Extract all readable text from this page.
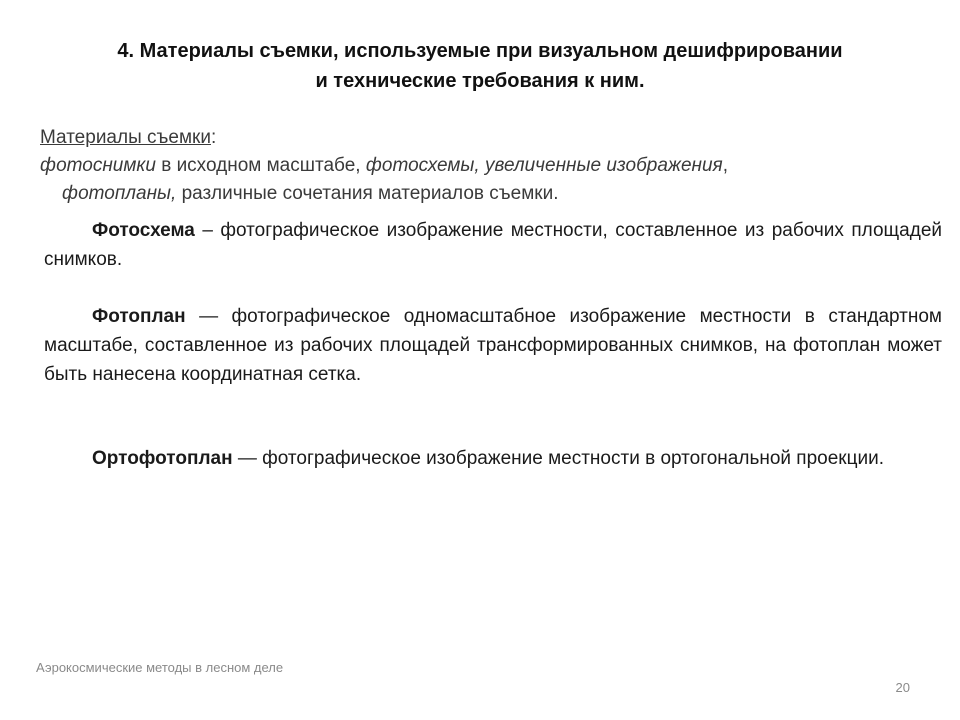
4. Материалы съемки, используемые при визуальном дешифрировании
и технические требования к ним.
Материалы съемки:
фотоснимки в исходном масштабе, фотосхемы, увеличенные изображения,
фотопланы, различные сочетания материалов съемки.

Фотосхема – фотографическое изображение местности, составленное из рабочих площадей снимков.

Фотоплан — фотографическое одномасштабное изображение местности в стандартном масштабе, составленное из рабочих площадей трансформированных снимков, на фотоплан может быть нанесена координатная сетка.

Ортофотоплан — фотографическое изображение местности в ортогональной проекции.

Аэрокосмические методы в лесном деле
20
